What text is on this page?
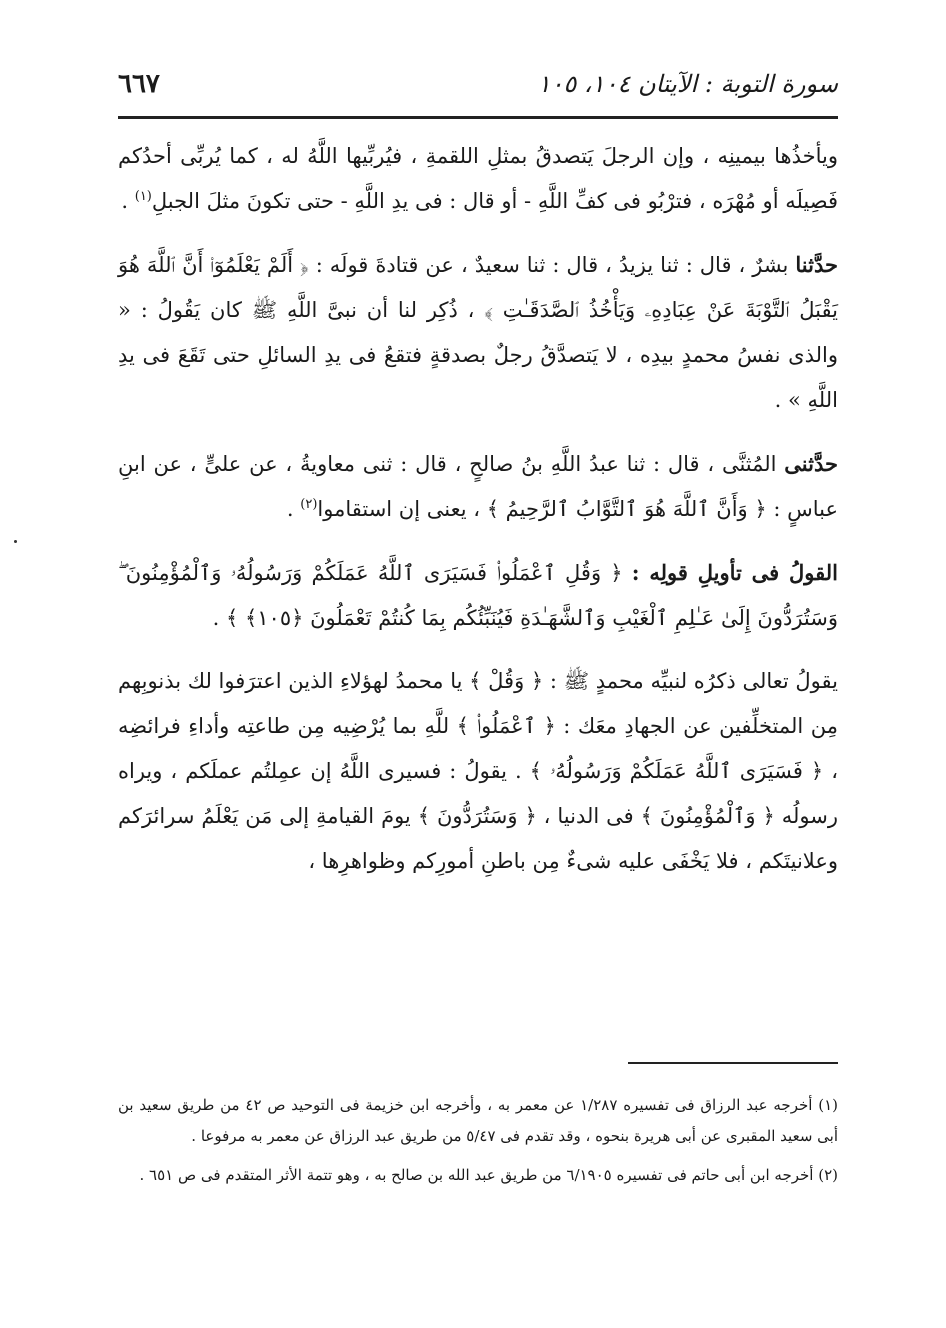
٦٦٧	سورة التوبة : الآيتان ١٠٤، ١٠٥

ويأخذُها بيمينِه ، وإن الرجلَ يَتصدقُ بمثلِ اللقمةِ ، فيُربِّيها اللَّهُ له ، كما يُربِّى أحدُكم فَصِيلَه أو مُهْرَه ، فترْبُو فى كفِّ اللَّهِ - أو قال : فى يدِ اللَّهِ - حتى تكونَ مثلَ الجبلِ$^{(١)}$ .

حدَّثنا بشرٌ ، قال : ثنا يزيدُ ، قال : ثنا سعيدٌ ، عن قتادةَ قولَه : ﴿ أَلَمْ يَعْلَمُوٓا۟ أَنَّ ٱللَّهَ هُوَ يَقْبَلُ ٱلتَّوْبَةَ عَنْ عِبَادِهِۦ وَيَأْخُذُ ٱلصَّدَقَـٰتِ ﴾ ، ذُكِر لنا أن نبىَّ اللَّهِ ﷺ كان يَقُولُ : « والذى نفسُ محمدٍ بيدِه ، لا يَتصدَّقُ رجلٌ بصدقةٍ فتقعُ فى يدِ السائلِ حتى تَقَعَ فى يدِ اللَّهِ » .

حدَّثنى المُثنَّى ، قال : ثنا عبدُ اللَّهِ بنُ صالحٍ ، قال : ثنى معاويةُ ، عن علىٍّ ، عن ابنِ عباسٍ : ﴿ وَأَنَّ ٱللَّهَ هُوَ ٱلتَّوَّابُ ٱلرَّحِيمُ ﴾ ، يعنى إن استقاموا$^{(٢)}$ .

القولُ فى تأويلِ قولِه : ﴿ وَقُلِ ٱعْمَلُوا۟ فَسَيَرَى ٱللَّهُ عَمَلَكُمْ وَرَسُولُهُۥ وَٱلْمُؤْمِنُونَ ۖ وَسَتُرَدُّونَ إِلَىٰ عَـٰلِمِ ٱلْغَيْبِ وَٱلشَّهَـٰدَةِ فَيُنَبِّئُكُم بِمَا كُنتُمْ تَعْمَلُونَ ﴿١٠٥﴾ ﴾ .

يقولُ تعالى ذكرُه لنبيِّه محمدٍ ﷺ : ﴿ وَقُلْ ﴾ يا محمدُ لهؤلاءِ الذين اعترَفوا لك بذنوبِهم مِن المتخلِّفين عن الجهادِ معَك : ﴿ ٱعْمَلُوا۟ ﴾ للَّهِ بما يُرْضِيه مِن طاعتِه وأداءِ فرائضِه ، ﴿ فَسَيَرَى ٱللَّهُ عَمَلَكُمْ وَرَسُولُهُۥ ﴾ . يقولُ : فسيرى اللَّهُ إن عمِلتُم عملَكم ، ويراه رسولُه ﴿ وَٱلْمُؤْمِنُونَ ﴾ فى الدنيا ، ﴿ وَسَتُرَدُّونَ ﴾ يومَ القيامةِ إلى مَن يَعْلَمُ سرائرَكم وعلانيتَكم ، فلا يَخْفَى عليه شىءٌ مِن باطنِ أمورِكم وظواهرِها ،

(١) أخرجه عبد الرزاق فى تفسيره ١/٢٨٧ عن معمر به ، وأخرجه ابن خزيمة فى التوحيد ص ٤٢ من طريق سعيد بن أبى سعيد المقبرى عن أبى هريرة بنحوه ، وقد تقدم فى ٥/٤٧ من طريق عبد الرزاق عن معمر به مرفوعا .

(٢) أخرجه ابن أبى حاتم فى تفسيره ٦/١٩٠٥ من طريق عبد الله بن صالح به ، وهو تتمة الأثر المتقدم فى ص ٦٥١ .
